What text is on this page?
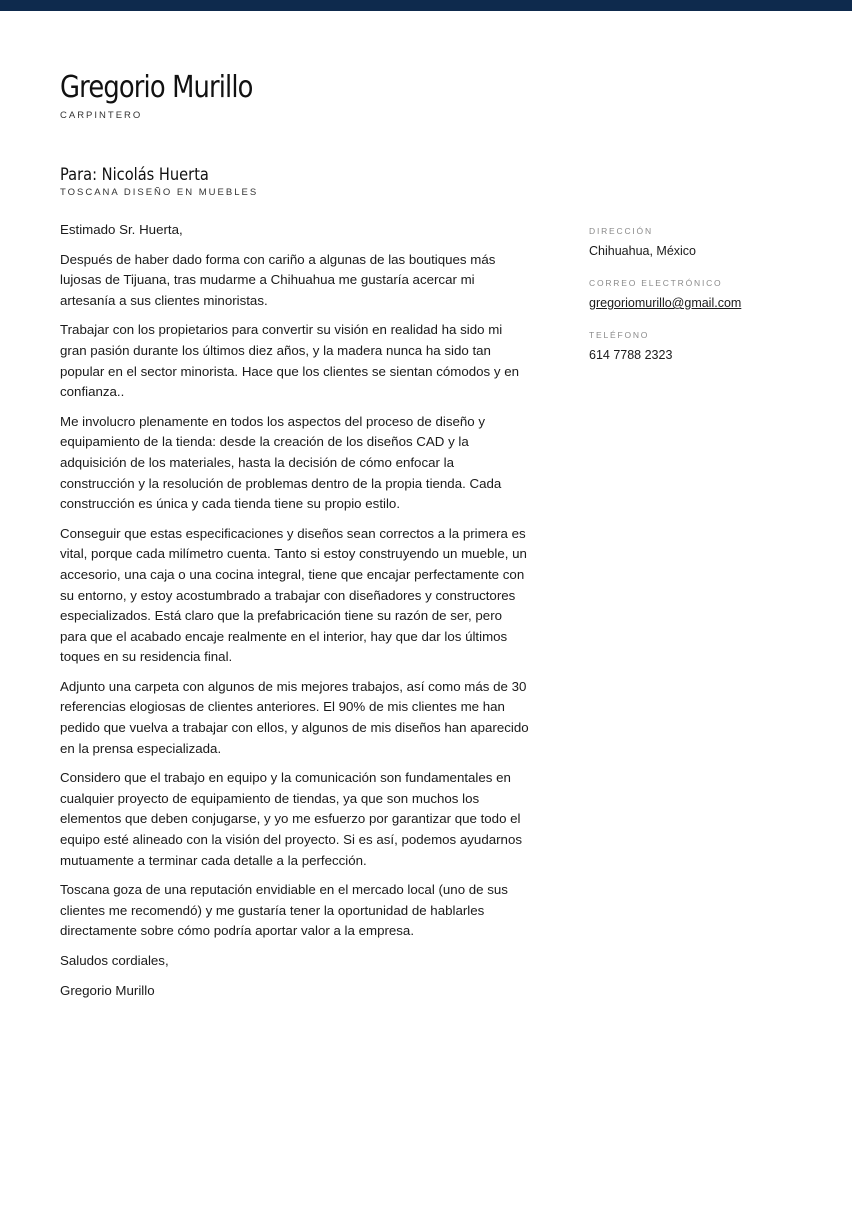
Gregorio Murillo
CARPINTERO
Para: Nicolás Huerta
TOSCANA DISEÑO EN MUEBLES

Estimado Sr. Huerta,

Después de haber dado forma con cariño a algunas de las boutiques más lujosas de Tijuana, tras mudarme a Chihuahua me gustaría acercar mi artesanía a sus clientes minoristas.

Trabajar con los propietarios para convertir su visión en realidad ha sido mi gran pasión durante los últimos diez años, y la madera nunca ha sido tan popular en el sector minorista. Hace que los clientes se sientan cómodos y en confianza..

Me involucro plenamente en todos los aspectos del proceso de diseño y equipamiento de la tienda: desde la creación de los diseños CAD y la adquisición de los materiales, hasta la decisión de cómo enfocar la construcción y la resolución de problemas dentro de la propia tienda. Cada construcción es única y cada tienda tiene su propio estilo.

Conseguir que estas especificaciones y diseños sean correctos a la primera es vital, porque cada milímetro cuenta. Tanto si estoy construyendo un mueble, un accesorio, una caja o una cocina integral, tiene que encajar perfectamente con su entorno, y estoy acostumbrado a trabajar con diseñadores y constructores especializados. Está claro que la prefabricación tiene su razón de ser, pero para que el acabado encaje realmente en el interior, hay que dar los últimos toques en su residencia final.

Adjunto una carpeta con algunos de mis mejores trabajos, así como más de 30 referencias elogiosas de clientes anteriores. El 90% de mis clientes me han pedido que vuelva a trabajar con ellos, y algunos de mis diseños han aparecido en la prensa especializada.

Considero que el trabajo en equipo y la comunicación son fundamentales en cualquier proyecto de equipamiento de tiendas, ya que son muchos los elementos que deben conjugarse, y yo me esfuerzo por garantizar que todo el equipo esté alineado con la visión del proyecto. Si es así, podemos ayudarnos mutuamente a terminar cada detalle a la perfección.

Toscana goza de una reputación envidiable en el mercado local (uno de sus clientes me recomendó) y me gustaría tener la oportunidad de hablarles directamente sobre cómo podría aportar valor a la empresa.

Saludos cordiales,

Gregorio Murillo

DIRECCIÓN
Chihuahua, México
CORREO ELECTRÓNICO
gregoriomurillo@gmail.com
TELÉFONO
614 7788 2323
